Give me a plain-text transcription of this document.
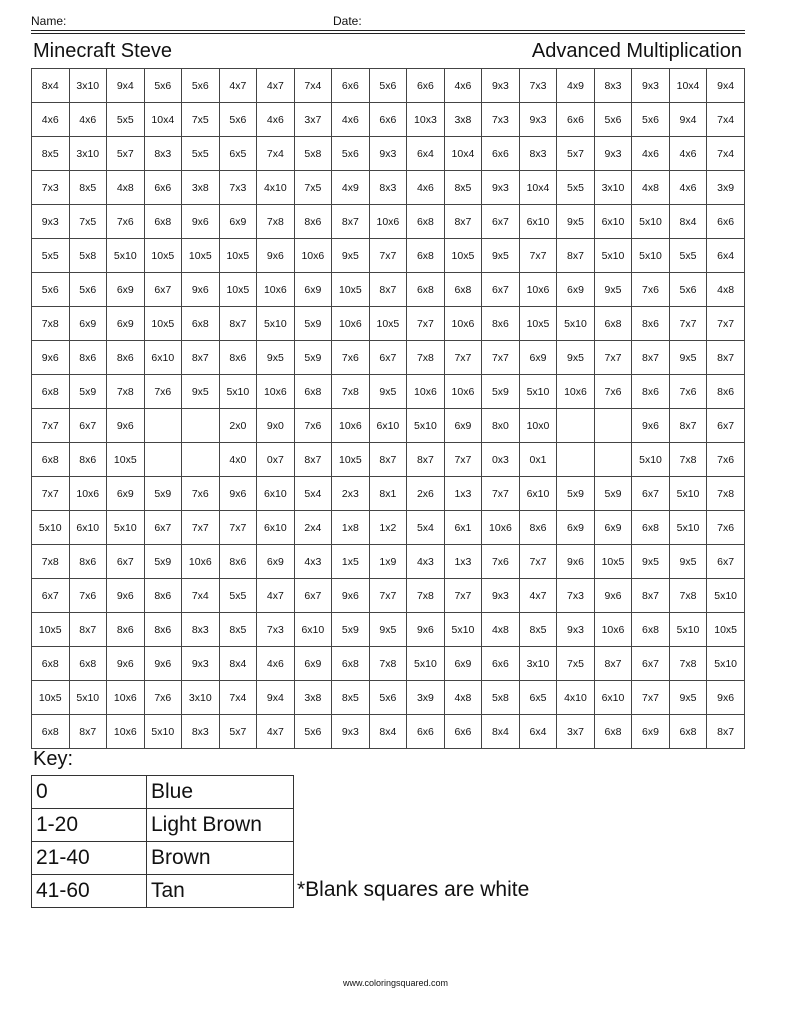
Name:	Date:
Minecraft Steve	Advanced Multiplication
8x4	3x10	9x4	5x6	5x6	4x7	4x7	7x4	6x6	5x6	6x6	4x6	9x3	7x3	4x9	8x3	9x3	10x4	9x4
4x6	4x6	5x5	10x4	7x5	5x6	4x6	3x7	4x6	6x6	10x3	3x8	7x3	9x3	6x6	5x6	5x6	9x4	7x4
8x5	3x10	5x7	8x3	5x5	6x5	7x4	5x8	5x6	9x3	6x4	10x4	6x6	8x3	5x7	9x3	4x6	4x6	7x4
7x3	8x5	4x8	6x6	3x8	7x3	4x10	7x5	4x9	8x3	4x6	8x5	9x3	10x4	5x5	3x10	4x8	4x6	3x9
9x3	7x5	7x6	6x8	9x6	6x9	7x8	8x6	8x7	10x6	6x8	8x7	6x7	6x10	9x5	6x10	5x10	8x4	6x6
5x5	5x8	5x10	10x5	10x5	10x5	9x6	10x6	9x5	7x7	6x8	10x5	9x5	7x7	8x7	5x10	5x10	5x5	6x4
5x6	5x6	6x9	6x7	9x6	10x5	10x6	6x9	10x5	8x7	6x8	6x8	6x7	10x6	6x9	9x5	7x6	5x6	4x8
7x8	6x9	6x9	10x5	6x8	8x7	5x10	5x9	10x6	10x5	7x7	10x6	8x6	10x5	5x10	6x8	8x6	7x7	7x7
9x6	8x6	8x6	6x10	8x7	8x6	9x5	5x9	7x6	6x7	7x8	7x7	7x7	6x9	9x5	7x7	8x7	9x5	8x7
6x8	5x9	7x8	7x6	9x5	5x10	10x6	6x8	7x8	9x5	10x6	10x6	5x9	5x10	10x6	7x6	8x6	7x6	8x6
7x7	6x7	9x6			2x0	9x0	7x6	10x6	6x10	5x10	6x9	8x0	10x0			9x6	8x7	6x7
6x8	8x6	10x5			4x0	0x7	8x7	10x5	8x7	8x7	7x7	0x3	0x1			5x10	7x8	7x6
7x7	10x6	6x9	5x9	7x6	9x6	6x10	5x4	2x3	8x1	2x6	1x3	7x7	6x10	5x9	5x9	6x7	5x10	7x8
5x10	6x10	5x10	6x7	7x7	7x7	6x10	2x4	1x8	1x2	5x4	6x1	10x6	8x6	6x9	6x9	6x8	5x10	7x6
7x8	8x6	6x7	5x9	10x6	8x6	6x9	4x3	1x5	1x9	4x3	1x3	7x6	7x7	9x6	10x5	9x5	9x5	6x7
6x7	7x6	9x6	8x6	7x4	5x5	4x7	6x7	9x6	7x7	7x8	7x7	9x3	4x7	7x3	9x6	8x7	7x8	5x10
10x5	8x7	8x6	8x6	8x3	8x5	7x3	6x10	5x9	9x5	9x6	5x10	4x8	8x5	9x3	10x6	6x8	5x10	10x5
6x8	6x8	9x6	9x6	9x3	8x4	4x6	6x9	6x8	7x8	5x10	6x9	6x6	3x10	7x5	8x7	6x7	7x8	5x10
10x5	5x10	10x6	7x6	3x10	7x4	9x4	3x8	8x5	5x6	3x9	4x8	5x8	6x5	4x10	6x10	7x7	9x5	9x6
6x8	8x7	10x6	5x10	8x3	5x7	4x7	5x6	9x3	8x4	6x6	6x6	8x4	6x4	3x7	6x8	6x9	6x8	8x7
Key:
0	Blue
1-20	Light Brown
21-40	Brown
41-60	Tan	*Blank squares are white
www.coloringsquared.com
